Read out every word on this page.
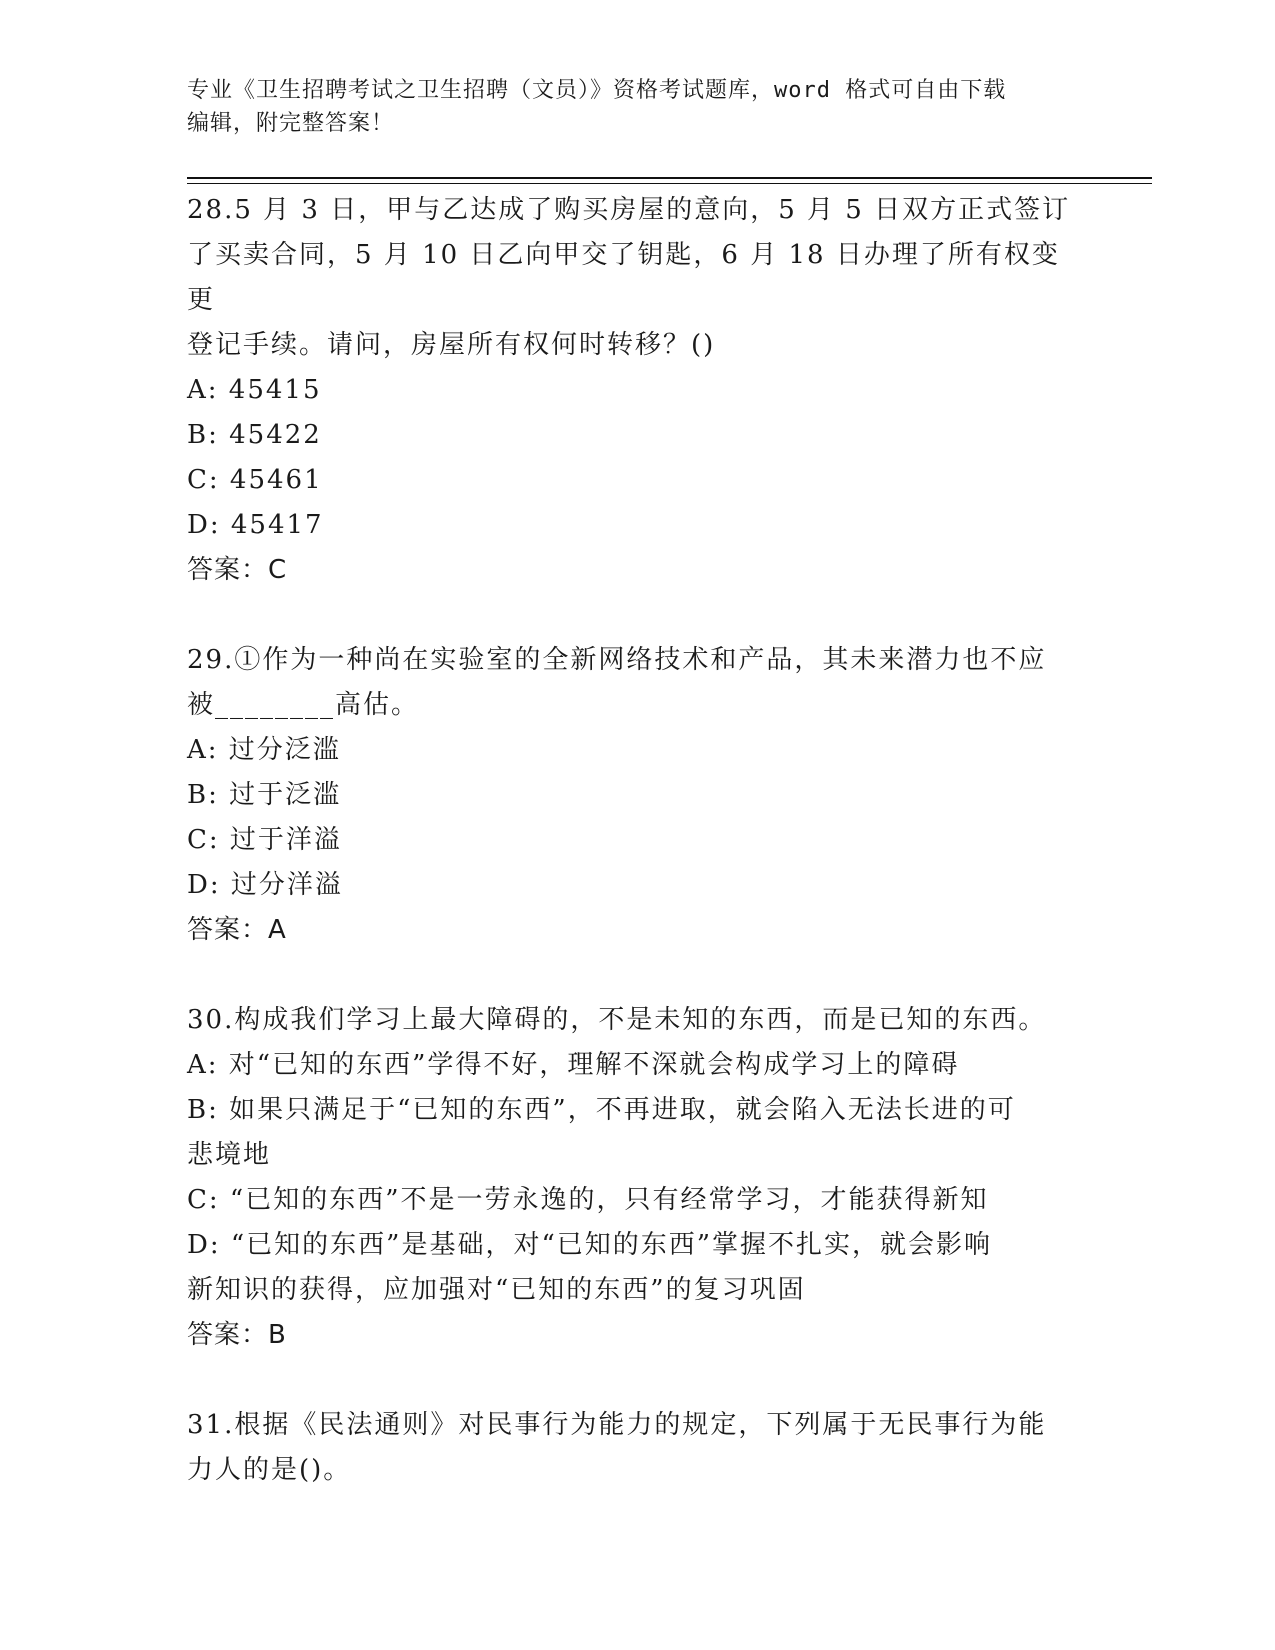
专业《卫生招聘考试之卫生招聘（文员）》资格考试题库，word 格式可自由下载
编辑，附完整答案！

28.5 月 3 日，甲与乙达成了购买房屋的意向，5 月 5 日双方正式签订

了买卖合同，5 月 10 日乙向甲交了钥匙，6 月 18 日办理了所有权变更

登记手续。请问，房屋所有权何时转移？()

A: 45415

B: 45422

C: 45461

D: 45417

答案：C

29.①作为一种尚在实验室的全新网络技术和产品，其未来潜力也不应

被________高估。

A: 过分泛滥

B: 过于泛滥

C: 过于洋溢

D: 过分洋溢

答案：A

30.构成我们学习上最大障碍的，不是未知的东西，而是已知的东西。

A: 对“已知的东西”学得不好，理解不深就会构成学习上的障碍

B: 如果只满足于“已知的东西”，不再进取，就会陷入无法长进的可

悲境地

C: “已知的东西”不是一劳永逸的，只有经常学习，才能获得新知

D: “已知的东西”是基础，对“已知的东西”掌握不扎实，就会影响

新知识的获得，应加强对“已知的东西”的复习巩固

答案：B

31.根据《民法通则》对民事行为能力的规定，下列属于无民事行为能

力人的是()。
